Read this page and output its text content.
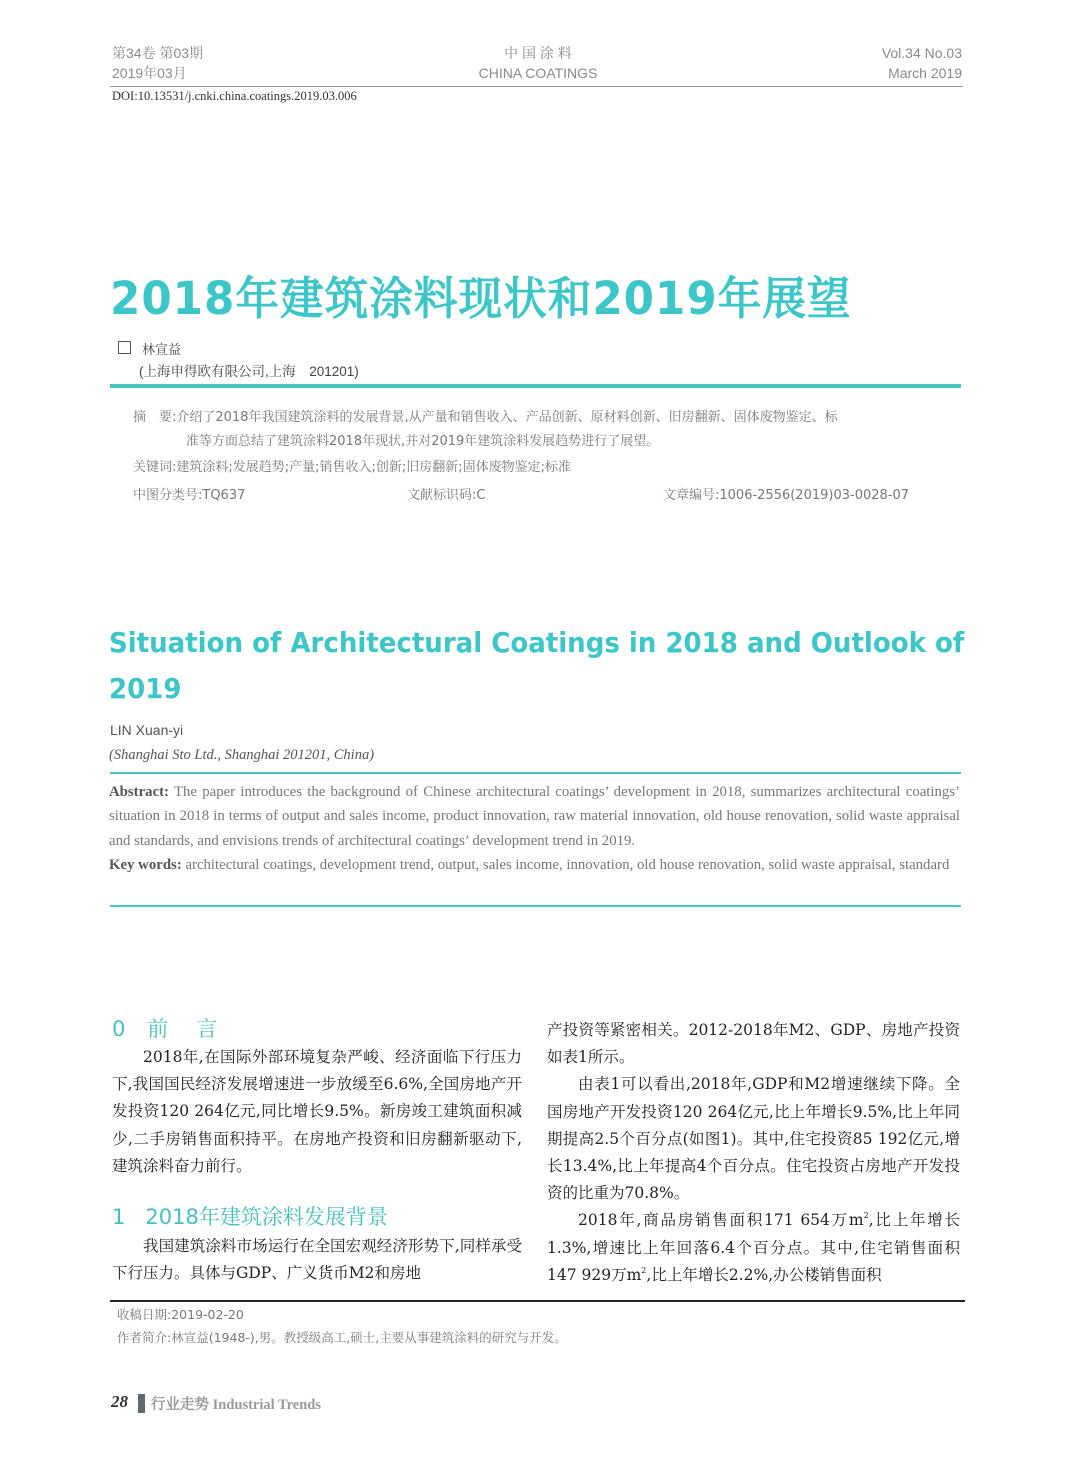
第34卷 第03期
2019年03月
中 国 涂 料
CHINA COATINGS
Vol.34 No.03
March 2019
DOI:10.13531/j.cnki.china.coatings.2019.03.006
2018年建筑涂料现状和2019年展望
林宣益
(上海申得欧有限公司,上海　201201)
摘　要:介绍了2018年我国建筑涂料的发展背景,从产量和销售收入、产品创新、原材料创新、旧房翻新、固体废物鉴定、标
准等方面总结了建筑涂料2018年现状,并对2019年建筑涂料发展趋势进行了展望。
关键词:建筑涂料;发展趋势;产量;销售收入;创新;旧房翻新;固体废物鉴定;标准
中图分类号:TQ637	文献标识码:C	文章编号:1006-2556(2019)03-0028-07
Situation of Architectural Coatings in 2018 and Outlook of
2019
LIN Xuan-yi
(Shanghai Sto Ltd., Shanghai 201201, China)
Abstract: The paper introduces the background of Chinese architectural coatings’ development in 2018, summarizes architectural coatings’ situation in 2018 in terms of output and sales income, product innovation, raw material innovation, old house renovation, solid waste appraisal and standards, and envisions trends of architectural coatings’ development trend in 2019.
Key words: architectural coatings, development trend, output, sales income, innovation, old house renovation, solid waste appraisal, standard
0 前 言

2018年,在国际外部环境复杂严峻、经济面临下行压力下,我国国民经济发展增速进一步放缓至6.6%,全国房地产开发投资120 264亿元,同比增长9.5%。新房竣工建筑面积减少,二手房销售面积持平。在房地产投资和旧房翻新驱动下,建筑涂料奋力前行。

1 2018年建筑涂料发展背景

我国建筑涂料市场运行在全国宏观经济形势下,同样承受下行压力。具体与GDP、广义货币M2和房地

产投资等紧密相关。2012-2018年M2、GDP、房地产投资如表1所示。

由表1可以看出,2018年,GDP和M2增速继续下降。全国房地产开发投资120 264亿元,比上年增长9.5%,比上年同期提高2.5个百分点(如图1)。其中,住宅投资85 192亿元,增长13.4%,比上年提高4个百分点。住宅投资占房地产开发投资的比重为70.8%。

2018年,商品房销售面积171 654万$m^2$,比上年增长1.3%,增速比上年回落6.4个百分点。其中,住宅销售面积147 929万$m^2$,比上年增长2.2%,办公楼销售面积

收稿日期:2019-02-20
作者简介:林宣益(1948-),男。教授级高工,硕士,主要从事建筑涂料的研究与开发。
28 行业走势 Industrial Trends
